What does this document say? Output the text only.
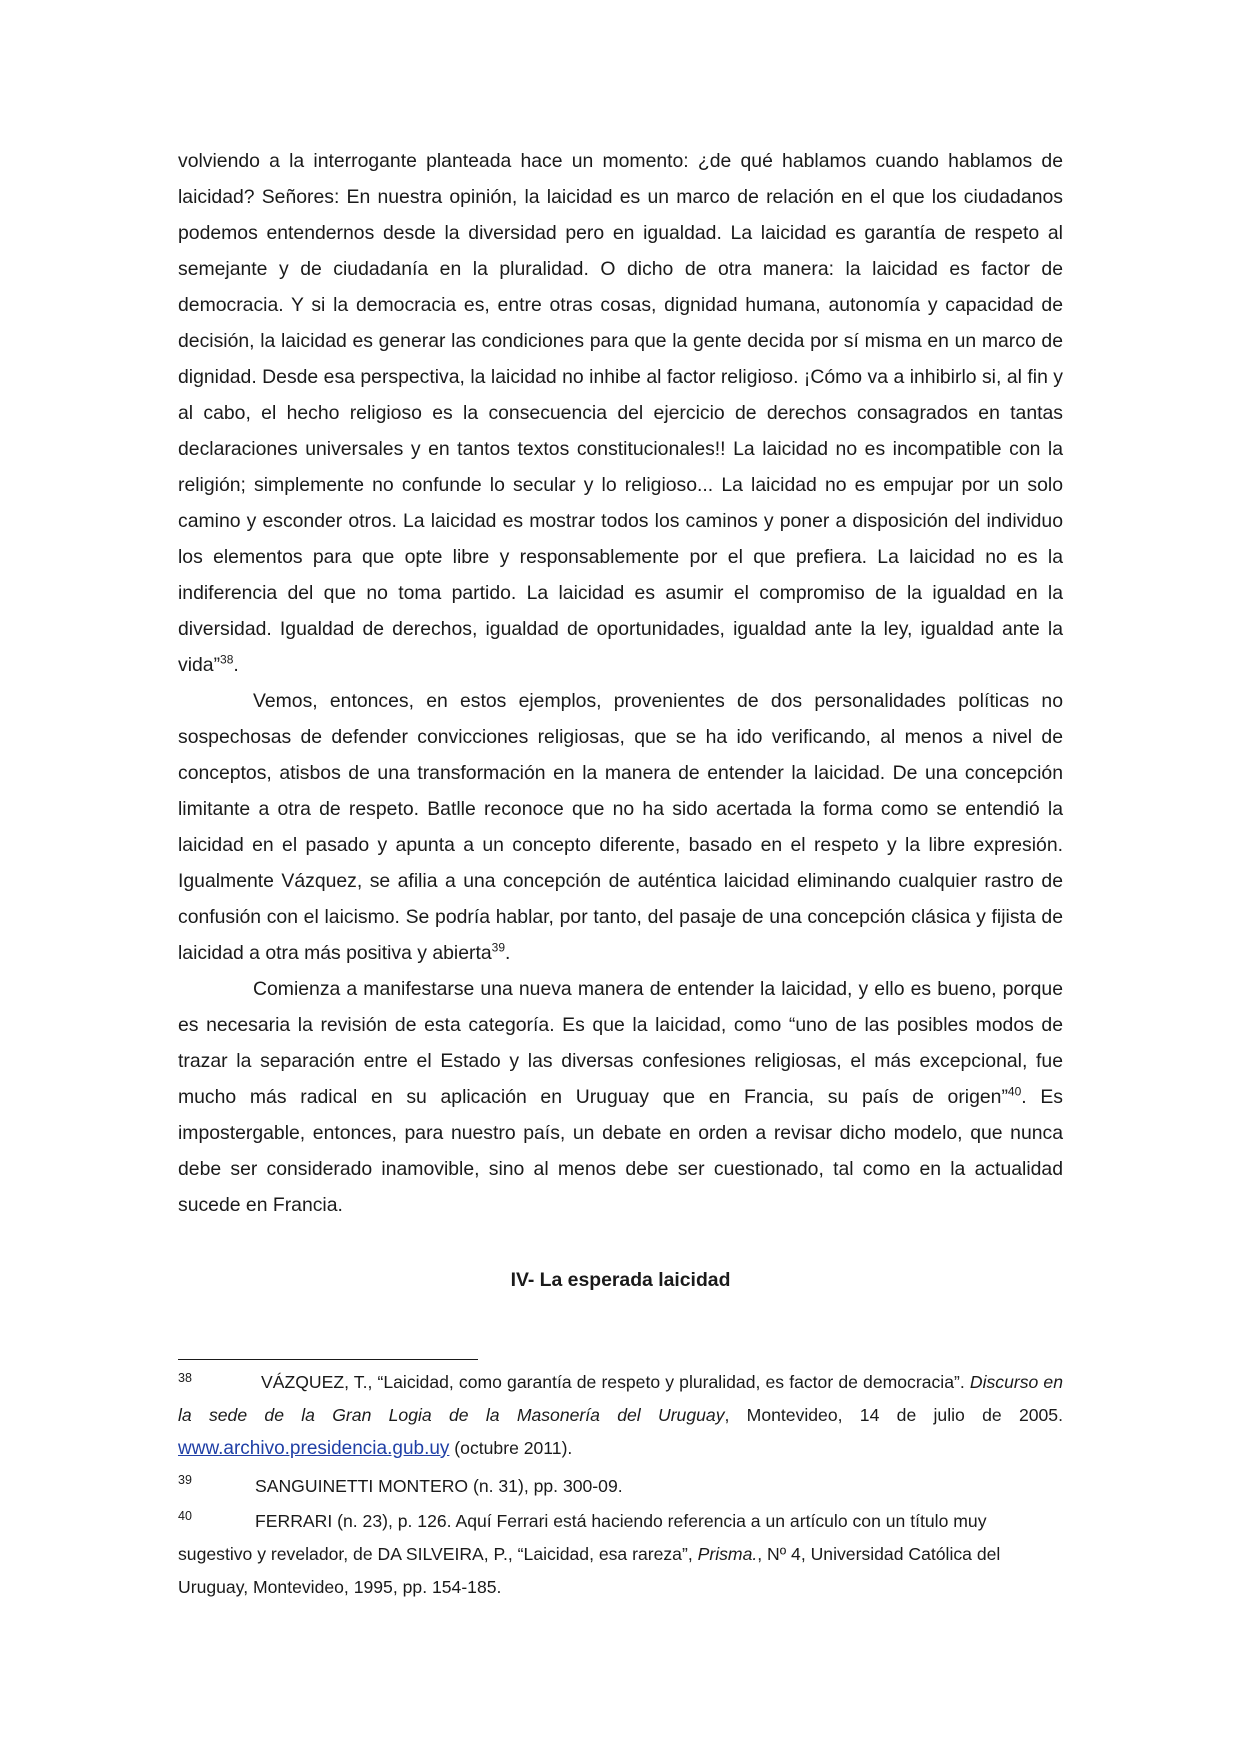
volviendo a la interrogante planteada hace un momento: ¿de qué hablamos cuando hablamos de laicidad? Señores: En nuestra opinión, la laicidad es un marco de relación en el que los ciudadanos podemos entendernos desde la diversidad pero en igualdad. La laicidad es garantía de respeto al semejante y de ciudadanía en la pluralidad. O dicho de otra manera: la laicidad es factor de democracia. Y si la democracia es, entre otras cosas, dignidad humana, autonomía y capacidad de decisión, la laicidad es generar las condiciones para que la gente decida por sí misma en un marco de dignidad. Desde esa perspectiva, la laicidad no inhibe al factor religioso. ¡Cómo va a inhibirlo si, al fin y al cabo, el hecho religioso es la consecuencia del ejercicio de derechos consagrados en tantas declaraciones universales y en tantos textos constitucionales!! La laicidad no es incompatible con la religión; simplemente no confunde lo secular y lo religioso... La laicidad no es empujar por un solo camino y esconder otros. La laicidad es mostrar todos los caminos y poner a disposición del individuo los elementos para que opte libre y responsablemente por el que prefiera. La laicidad no es la indiferencia del que no toma partido. La laicidad es asumir el compromiso de la igualdad en la diversidad. Igualdad de derechos, igualdad de oportunidades, igualdad ante la ley, igualdad ante la vida”$^{38}$.

Vemos, entonces, en estos ejemplos, provenientes de dos personalidades políticas no sospechosas de defender convicciones religiosas, que se ha ido verificando, al menos a nivel de conceptos, atisbos de una transformación en la manera de entender la laicidad. De una concepción limitante a otra de respeto. Batlle reconoce que no ha sido acertada la forma como se entendió la laicidad en el pasado y apunta a un concepto diferente, basado en el respeto y la libre expresión. Igualmente Vázquez, se afilia a una concepción de auténtica laicidad eliminando cualquier rastro de confusión con el laicismo. Se podría hablar, por tanto, del pasaje de una concepción clásica y fijista de laicidad a otra más positiva y abierta$^{39}$.

Comienza a manifestarse una nueva manera de entender la laicidad, y ello es bueno, porque es necesaria la revisión de esta categoría. Es que la laicidad, como “uno de las posibles modos de trazar la separación entre el Estado y las diversas confesiones religiosas, el más excepcional, fue mucho más radical en su aplicación en Uruguay que en Francia, su país de origen”$^{40}$. Es impostergable, entonces, para nuestro país, un debate en orden a revisar dicho modelo, que nunca debe ser considerado inamovible, sino al menos debe ser cuestionado, tal como en la actualidad sucede en Francia.

IV- La esperada laicidad
38	VÁZQUEZ, T., “Laicidad, como garantía de respeto y pluralidad, es factor de democracia”. Discurso en la sede de la Gran Logia de la Masonería del Uruguay, Montevideo, 14 de julio de 2005. www.archivo.presidencia.gub.uy (octubre 2011).
39	SANGUINETTI MONTERO (n. 31), pp. 300-09.
40	FERRARI (n. 23), p. 126. Aquí Ferrari está haciendo referencia a un artículo con un título muy sugestivo y revelador, de DA SILVEIRA, P., “Laicidad, esa rareza”, Prisma., Nº 4, Universidad Católica del Uruguay, Montevideo, 1995, pp. 154-185.
